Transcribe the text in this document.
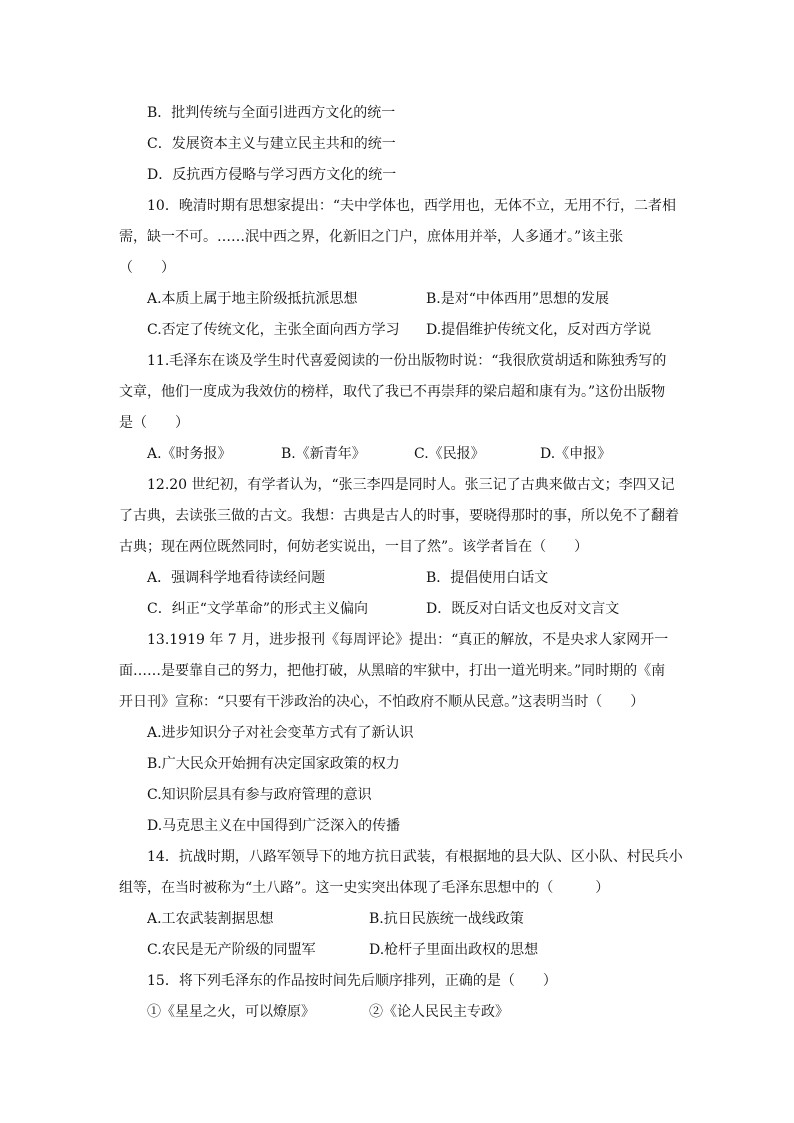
B．批判传统与全面引进西方文化的统一
C．发展资本主义与建立民主共和的统一
D．反抗西方侵略与学习西方文化的统一
10．晚清时期有思想家提出：“夫中学体也，西学用也，无体不立，无用不行，二者相
需，缺一不可。……泯中西之界，化新旧之门户，庶体用并举，人多通才。”该主张
（　　）
A.本质上属于地主阶级抵抗派思想	B.是对“中体西用”思想的发展
C.否定了传统文化，主张全面向西方学习 D.提倡维护传统文化，反对西方学说
11.毛泽东在谈及学生时代喜爱阅读的一份出版物时说：“我很欣赏胡适和陈独秀写的
文章，他们一度成为我效仿的榜样，取代了我已不再崇拜的梁启超和康有为。”这份出版物
是（　　）
A.《时务报》	B.《新青年》	C.《民报》	D.《申报》
12.20 世纪初，有学者认为，“张三李四是同时人。张三记了古典来做古文；李四又记
了古典，去读张三做的古文。我想：古典是古人的时事，要晓得那时的事，所以免不了翻着
古典；现在两位既然同时，何妨老实说出，一目了然”。该学者旨在（　　）
A．强调科学地看待读经问题	B．提倡使用白话文
C．纠正“文学革命”的形式主义偏向	D．既反对白话文也反对文言文
13.1919 年 7 月，进步报刊《每周评论》提出：“真正的解放，不是央求人家网开一
面……是要靠自己的努力，把他打破，从黑暗的牢狱中，打出一道光明来。”同时期的《南
开日刊》宣称：“只要有干涉政治的决心，不怕政府不顺从民意。”这表明当时（　　）
A.进步知识分子对社会变革方式有了新认识
B.广大民众开始拥有决定国家政策的权力
C.知识阶层具有参与政府管理的意识
D.马克思主义在中国得到广泛深入的传播
14．抗战时期，八路军领导下的地方抗日武装，有根据地的县大队、区小队、村民兵小
组等，在当时被称为“土八路”。这一史实突出体现了毛泽东思想中的（　　　）
A.工农武装割据思想	B.抗日民族统一战线政策
C.农民是无产阶级的同盟军	D.枪杆子里面出政权的思想
15．将下列毛泽东的作品按时间先后顺序排列，正确的是（　　）
①《星星之火，可以燎原》	②《论人民民主专政》
